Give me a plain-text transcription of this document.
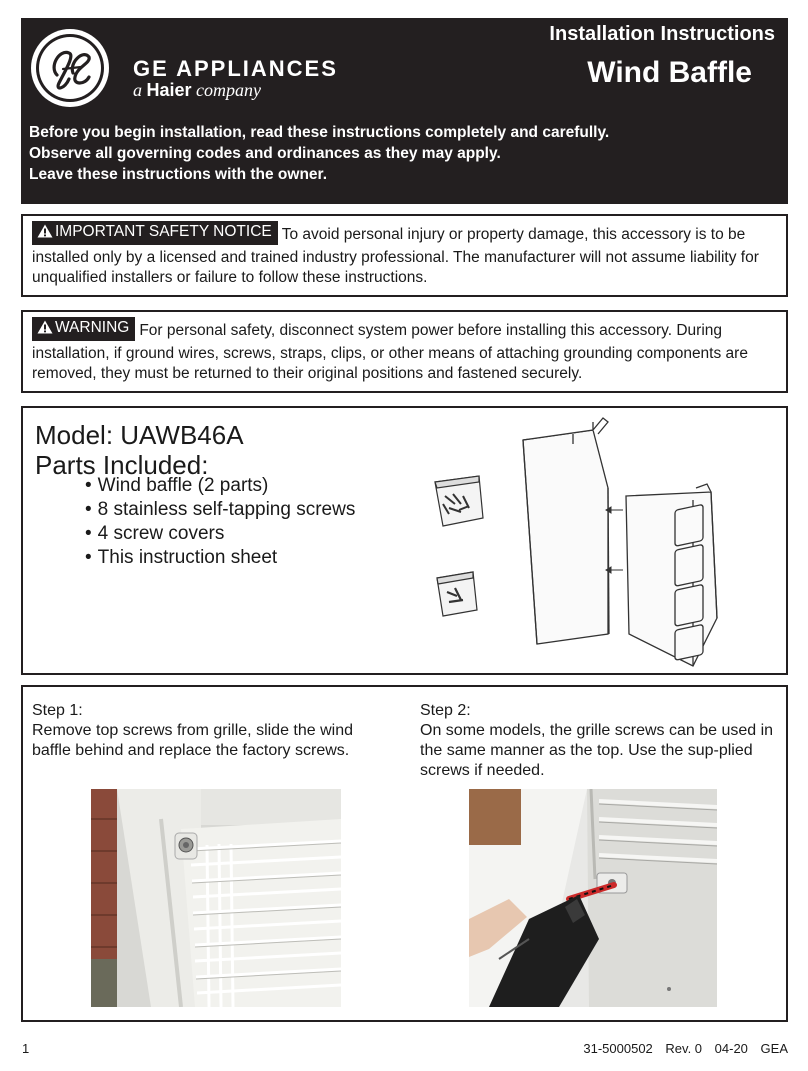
GE APPLIANCES
a Haier company
Installation Instructions
Wind Baffle
Before you begin installation, read these instructions completely and carefully.
Observe all governing codes and ordinances as they may apply.
Leave these instructions with the owner.
IMPORTANT SAFETY NOTICE To avoid personal injury or property damage, this accessory is to be installed only by a licensed and trained industry professional. The manufacturer will not assume liability for unqualified installers or failure to follow these instructions.
WARNING For personal safety, disconnect system power before installing this accessory. During installation, if ground wires, screws, straps, clips, or other means of attaching grounding components are removed, they must be returned to their original positions and fastened securely.
Model: UAWB46A
Parts Included:
• Wind baffle (2 parts)
• 8 stainless self-tapping screws
• 4 screw covers
• This instruction sheet
Step 1:
Remove top screws from grille, slide the wind baffle behind and replace the factory screws.
Step 2:
On some models, the grille screws can be used in the same manner as the top. Use the sup-plied screws if needed.
1	31-5000502 Rev. 0 04-20 GEA
